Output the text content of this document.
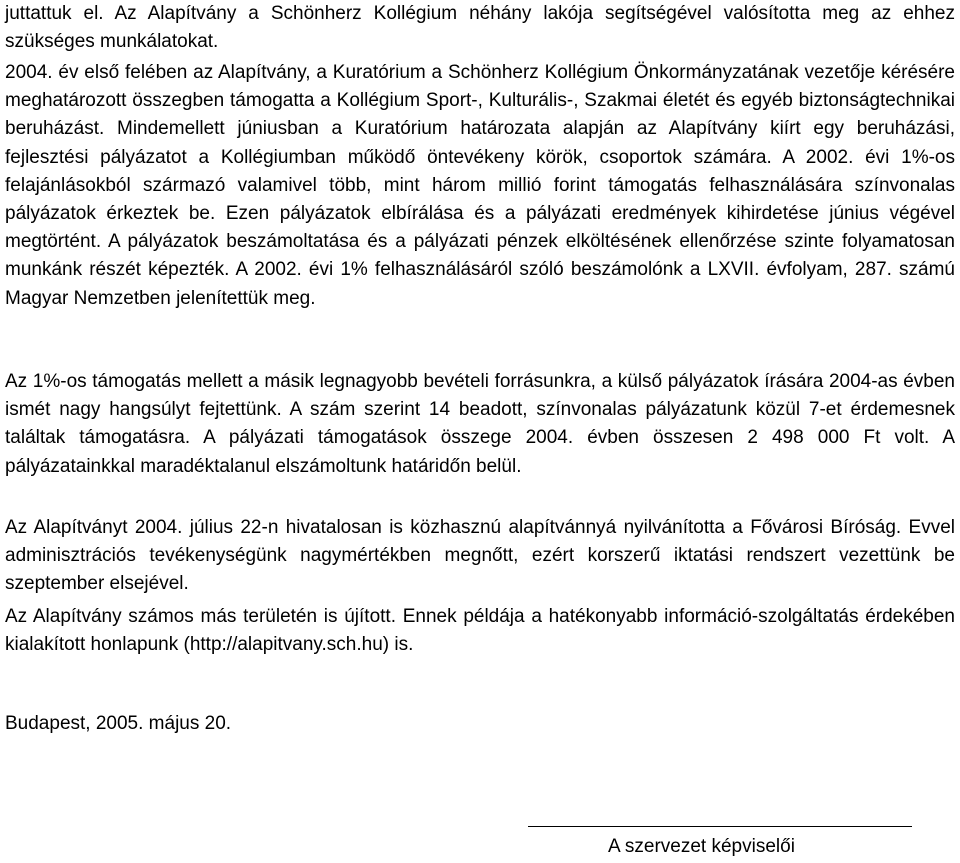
juttattuk el. Az Alapítvány a Schönherz Kollégium néhány lakója segítségével valósította meg az ehhez szükséges munkálatokat.

2004. év első felében az Alapítvány, a Kuratórium a Schönherz Kollégium Önkormányzatának vezetője kérésére meghatározott összegben támogatta a Kollégium Sport-, Kulturális-, Szakmai életét és egyéb biztonságtechnikai beruházást. Mindemellett júniusban a Kuratórium határozata alapján az Alapítvány kiírt egy beruházási, fejlesztési pályázatot a Kollégiumban működő öntevékeny körök, csoportok számára. A 2002. évi 1%-os felajánlásokból származó valamivel több, mint három millió forint támogatás felhasználására színvonalas pályázatok érkeztek be. Ezen pályázatok elbírálása és a pályázati eredmények kihirdetése június végével megtörtént. A pályázatok beszámoltatása és a pályázati pénzek elköltésének ellenőrzése szinte folyamatosan munkánk részét képezték. A 2002. évi 1% felhasználásáról szóló beszámolónk a LXVII. évfolyam, 287. számú Magyar Nemzetben jelenítettük meg.

Az 1%-os támogatás mellett a másik legnagyobb bevételi forrásunkra, a külső pályázatok írására 2004-as évben ismét nagy hangsúlyt fejtettünk. A szám szerint 14 beadott, színvonalas pályázatunk közül 7-et érdemesnek találtak támogatásra. A pályázati támogatások összege 2004. évben összesen 2 498 000 Ft volt. A pályázatainkkal maradéktalanul elszámoltunk határidőn belül.

Az Alapítványt 2004. július 22-n hivatalosan is közhasznú alapítvánnyá nyilvánította a Fővárosi Bíróság. Evvel adminisztrációs tevékenységünk nagymértékben megnőtt, ezért korszerű iktatási rendszert vezettünk be szeptember elsejével.

Az Alapítvány számos más területén is újított. Ennek példája a hatékonyabb információ-szolgáltatás érdekében kialakított honlapunk (http://alapitvany.sch.hu) is.

Budapest, 2005. május 20.
A szervezet képviselői
